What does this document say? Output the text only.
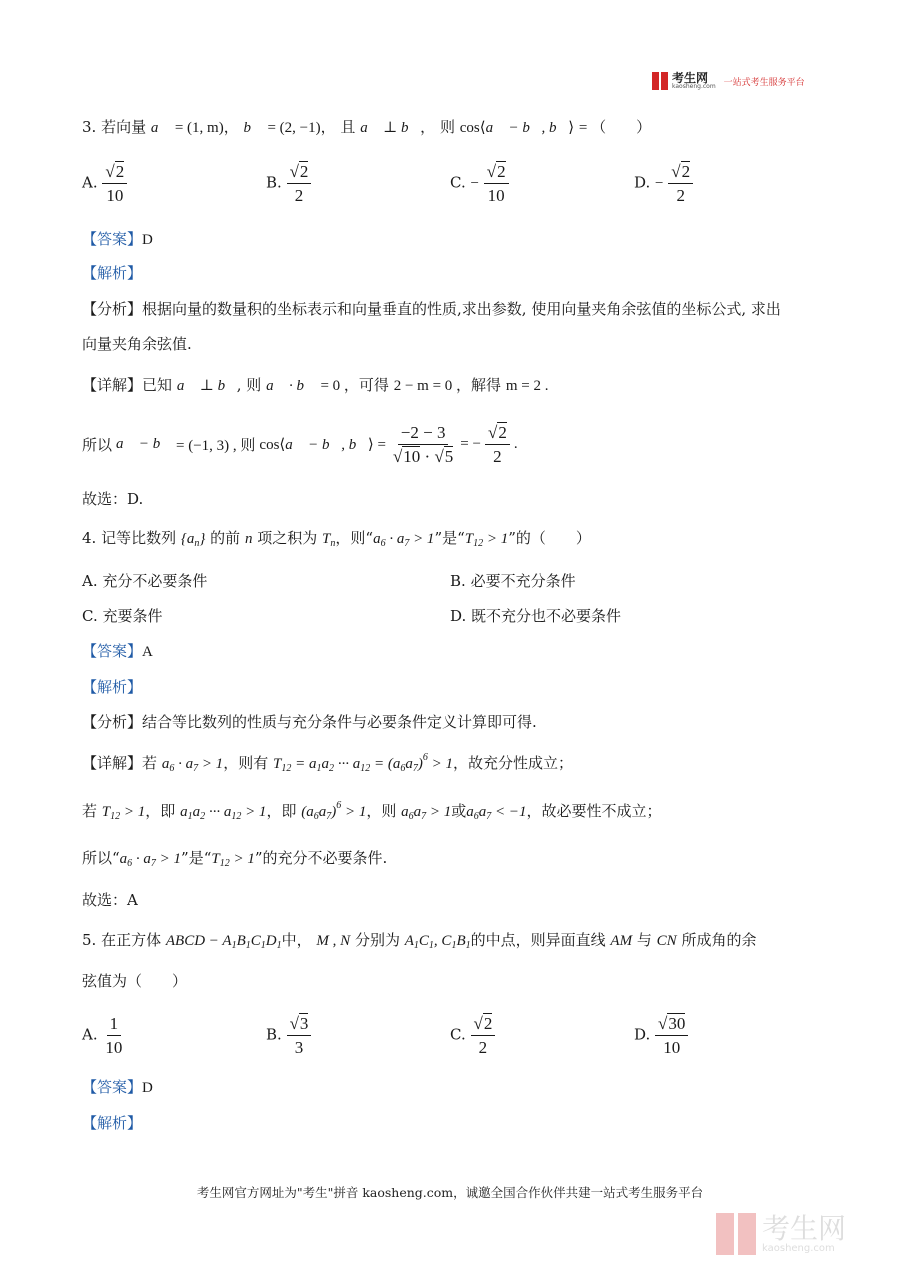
考生网
kaosheng.com 一站式考生服务平台
3. 若向量 a⃗ = (1, m)， b⃗ = (2, −1)， 且 a⃗ ⊥ b⃗， 则 cos⟨a⃗ − b⃗, b⃗⟩ = （　　）
A. $\frac{√2}{10}$	B. $\frac{√2}{2}$	C. − $\frac{√2}{10}$	D. − $\frac{√2}{2}$
【答案】D
【解析】
【分析】根据向量的数量积的坐标表示和向量垂直的性质,求出参数, 使用向量夹角余弦值的坐标公式, 求出
向量夹角余弦值.
【详解】已知 a⃗ ⊥ b⃗, 则 a⃗ · b⃗ = 0 ，可得 2 − m = 0 ，解得 m = 2 .
所以 a⃗ − b⃗ = (−1, 3) , 则 cos⟨a⃗ − b⃗, b⃗⟩ = $\frac{-2 - 3}{√10 \cdot √5}$ = − $\frac{√2}{2}$ .
故选：D.
4. 记等比数列 $\{a_n\}$ 的前 n 项之积为 $T_n$，则“$a_6 \cdot a_7 > 1$”是“$T_{12} > 1$”的（　　）
A. 充分不必要条件	B. 必要不充分条件
C. 充要条件	D. 既不充分也不必要条件
【答案】A
【解析】
【分析】结合等比数列的性质与充分条件与必要条件定义计算即可得.
【详解】若 $a_6 \cdot a_7 > 1$，则有 $T_{12} = a_1a_2$ ··· $a_{12} = (a_6a_7)^6 > 1$，故充分性成立；
若 $T_{12} > 1$，即 $a_1a_2$ ··· $a_{12} > 1$，即 $(a_6a_7)^6 > 1$，则 $a_6a_7 > 1$或$a_6a_7 < -1$，故必要性不成立；
所以“$a_6 \cdot a_7 > 1$”是“$T_{12} > 1$”的充分不必要条件.
故选：A
5. 在正方体 ABCD − $A_1B_1C_1D_1$中， M , N 分别为 $A_1C_1$, $C_1B_1$的中点，则异面直线 AM 与 CN 所成角的余
弦值为（　　）
A. $\frac{1}{10}$	B. $\frac{√3}{3}$	C. $\frac{√2}{2}$	D. $\frac{√30}{10}$
【答案】D
【解析】
考生网官方网址为"考生"拼音 kaosheng.com，诚邀全国合作伙伴共建一站式考生服务平台
考生网
kaosheng.com
